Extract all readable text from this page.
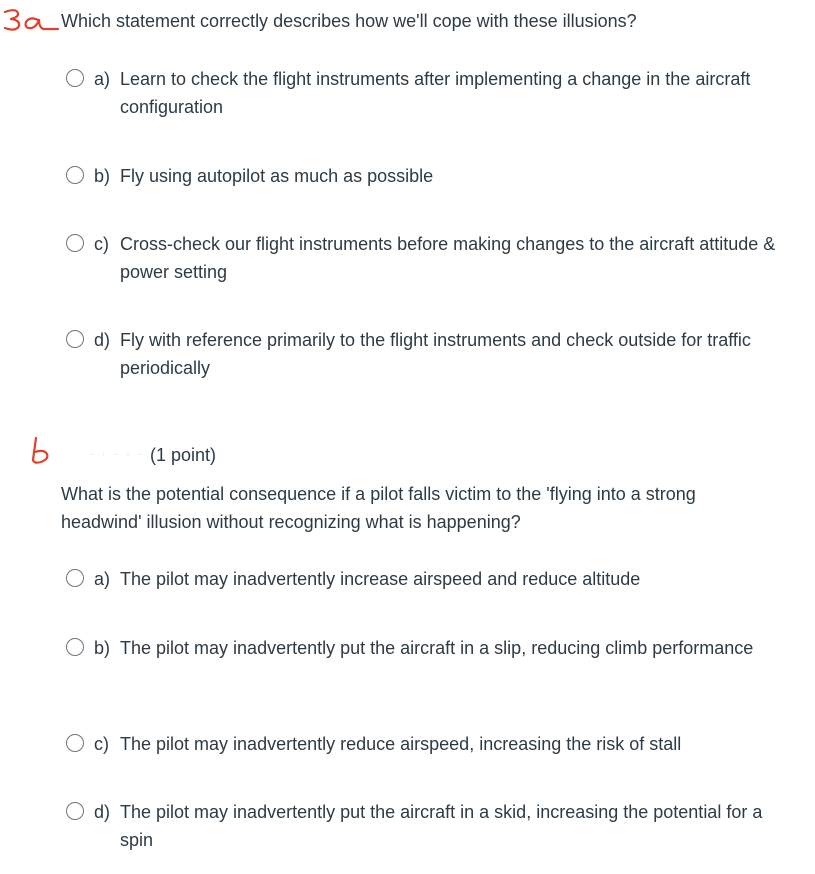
Which statement correctly describes how we'll cope with these illusions?
a) Learn to check the flight instruments after implementing a change in the aircraft configuration
b) Fly using autopilot as much as possible
c) Cross-check our flight instruments before making changes to the aircraft attitude & power setting
d) Fly with reference primarily to the flight instruments and check outside for traffic periodically
· · · · · ·
(1 point)
What is the potential consequence if a pilot falls victim to the 'flying into a strong headwind' illusion without recognizing what is happening?
a) The pilot may inadvertently increase airspeed and reduce altitude
b) The pilot may inadvertently put the aircraft in a slip, reducing climb performance
c) The pilot may inadvertently reduce airspeed, increasing the risk of stall
d) The pilot may inadvertently put the aircraft in a skid, increasing the potential for a spin
